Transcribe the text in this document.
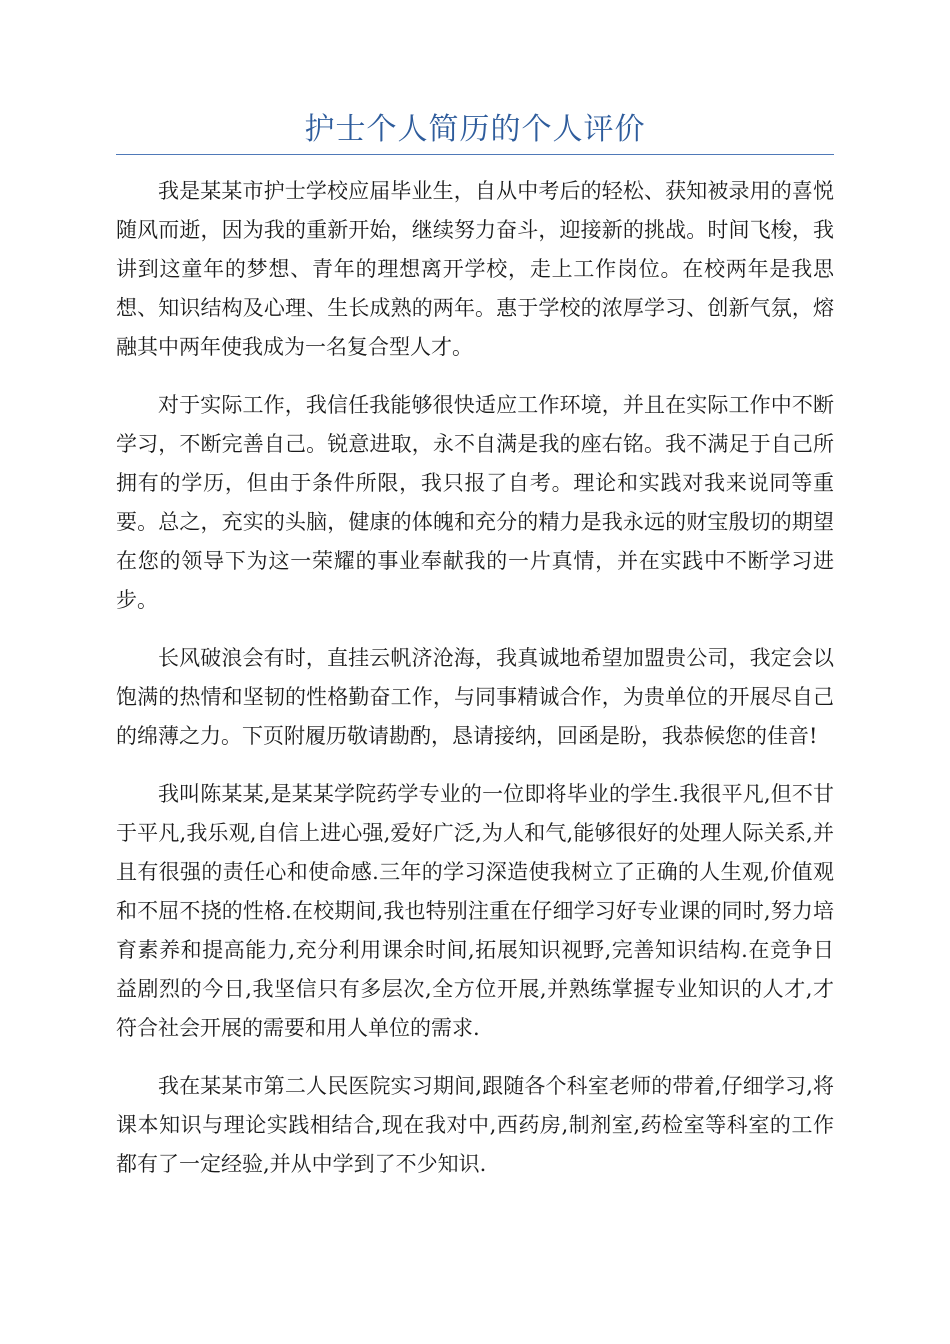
护士个人简历的个人评价

我是某某市护士学校应届毕业生，自从中考后的轻松、获知被录用的喜悦随风而逝，因为我的重新开始，继续努力奋斗，迎接新的挑战。时间飞梭，我讲到这童年的梦想、青年的理想离开学校，走上工作岗位。在校两年是我思想、知识结构及心理、生长成熟的两年。惠于学校的浓厚学习、创新气氛，熔融其中两年使我成为一名复合型人才。

对于实际工作，我信任我能够很快适应工作环境，并且在实际工作中不断学习，不断完善自己。锐意进取，永不自满是我的座右铭。我不满足于自己所拥有的学历，但由于条件所限，我只报了自考。理论和实践对我来说同等重要。总之，充实的头脑，健康的体魄和充分的精力是我永远的财宝殷切的期望在您的领导下为这一荣耀的事业奉献我的一片真情，并在实践中不断学习进步。

长风破浪会有时，直挂云帆济沧海，我真诚地希望加盟贵公司，我定会以饱满的热情和坚韧的性格勤奋工作，与同事精诚合作，为贵单位的开展尽自己的绵薄之力。下页附履历敬请勘酌，恳请接纳，回函是盼，我恭候您的佳音!

我叫陈某某,是某某学院药学专业的一位即将毕业的学生.我很平凡,但不甘于平凡,我乐观,自信上进心强,爱好广泛,为人和气,能够很好的处理人际关系,并且有很强的责任心和使命感.三年的学习深造使我树立了正确的人生观,价值观和不屈不挠的性格.在校期间,我也特别注重在仔细学习好专业课的同时,努力培育素养和提高能力,充分利用课余时间,拓展知识视野,完善知识结构.在竞争日益剧烈的今日,我坚信只有多层次,全方位开展,并熟练掌握专业知识的人才,才符合社会开展的需要和用人单位的需求.

我在某某市第二人民医院实习期间,跟随各个科室老师的带着,仔细学习,将课本知识与理论实践相结合,现在我对中,西药房,制剂室,药检室等科室的工作都有了一定经验,并从中学到了不少知识.
